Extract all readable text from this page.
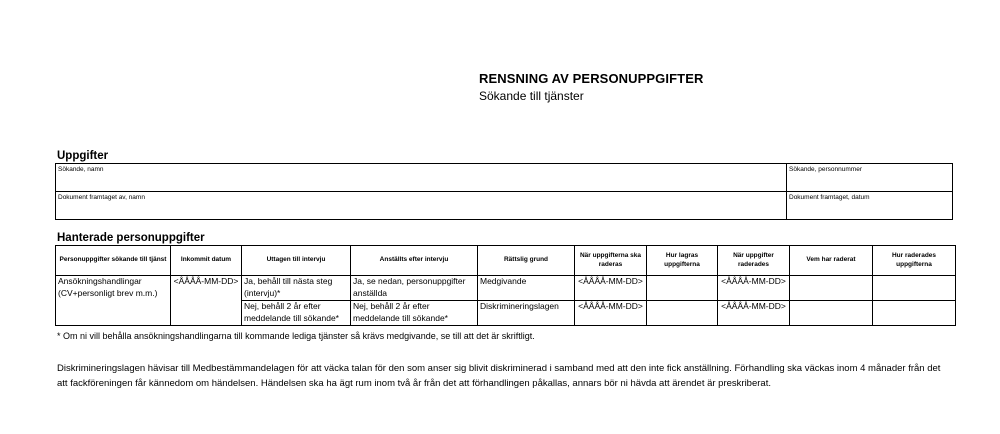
RENSNING AV PERSONUPPGIFTER
Sökande till tjänster
Uppgifter
Sökande, namn	Sökande, personnummer
Dokument framtaget av, namn	Dokument framtaget, datum
Hanterade personuppgifter
Personuppgifter sökande till tjänst	Inkommit datum	Uttagen till intervju	Anställts efter intervju	Rättslig grund	När uppgifterna ska raderas	Hur lagras uppgifterna	När uppgifter raderades	Vem har raderat	Hur raderades uppgifterna
Ansökningshandlingar (CV+personligt brev m.m.)	<ÅÅÅÅ-MM-DD>	Ja, behåll till nästa steg (intervju)*	Ja, se nedan, personuppgifter anställda	Medgivande	<ÅÅÅÅ-MM-DD>		<ÅÅÅÅ-MM-DD>		
		Nej, behåll 2 år efter meddelande till sökande*	Nej, behåll 2 år efter meddelande till sökande*	Diskrimineringslagen	<ÅÅÅÅ-MM-DD>		<ÅÅÅÅ-MM-DD>		
* Om ni vill behålla ansökningshandlingarna till kommande lediga tjänster så krävs medgivande, se till att det är skriftligt.
Diskrimineringslagen hävisar till Medbestämmandelagen för att väcka talan för den som anser sig blivit diskriminerad i samband med att den inte fick anställning. Förhandling ska väckas inom 4 månader från det att fackföreningen får kännedom om händelsen. Händelsen ska ha ägt rum inom två år från det att förhandlingen påkallas, annars bör ni hävda att ärendet är preskriberat.
